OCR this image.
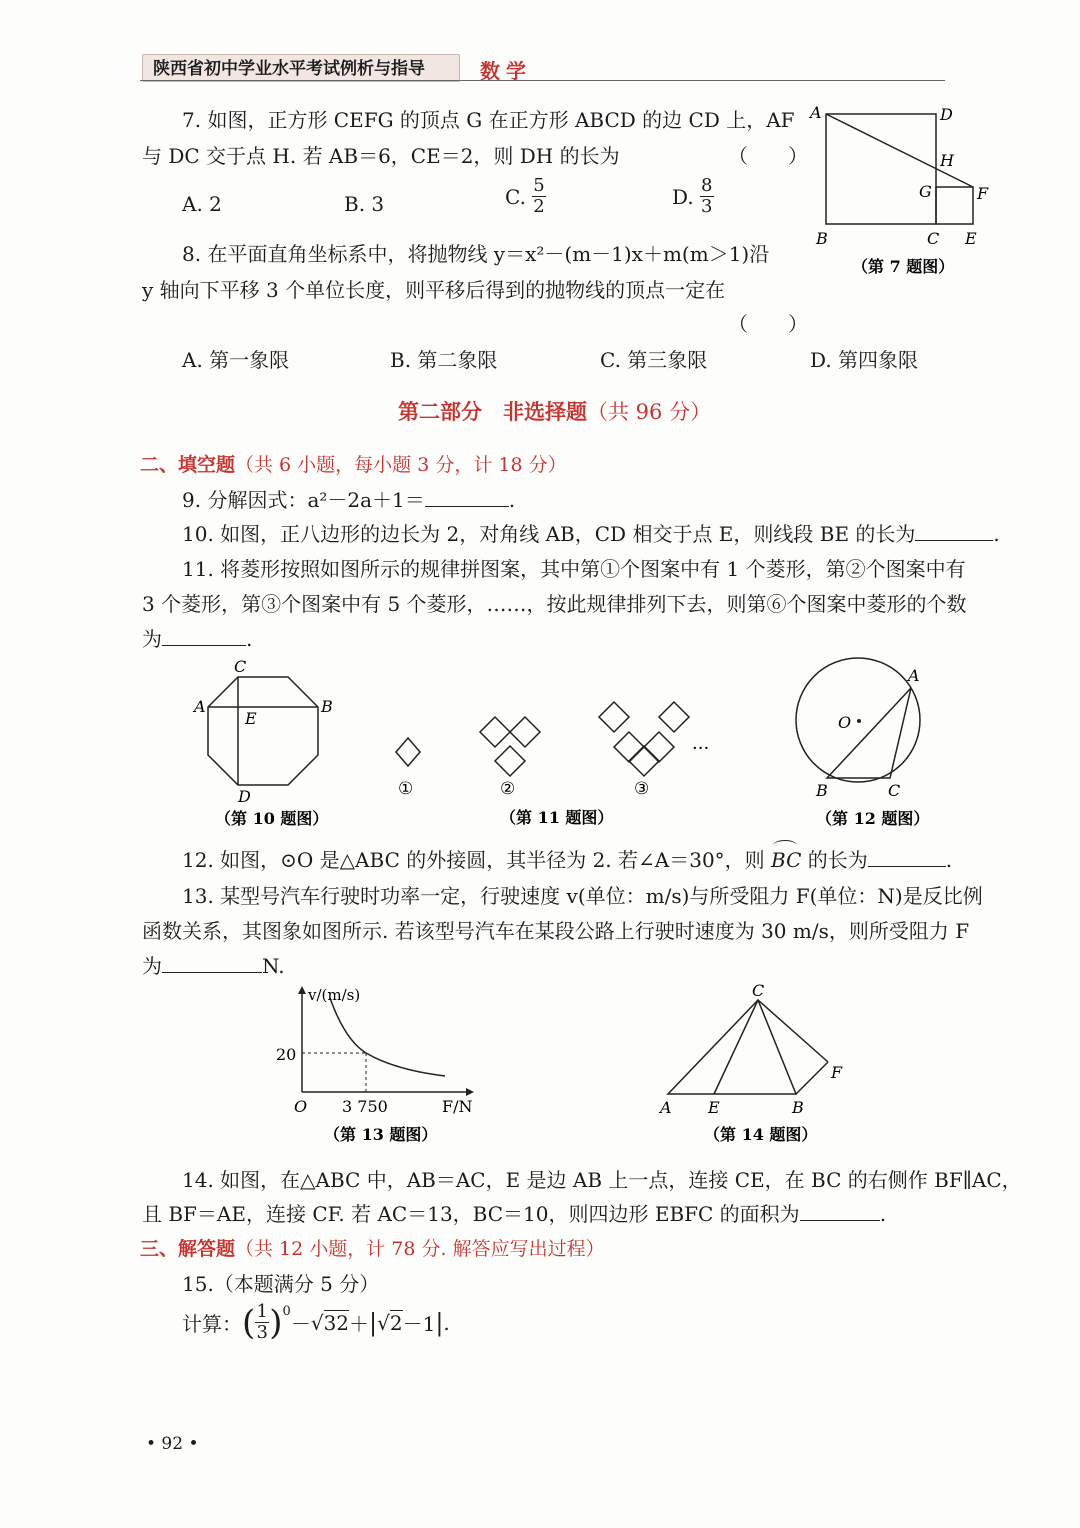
陕西省初中学业水平考试例析与指导	数学
7. 如图，正方形 CEFG 的顶点 G 在正方形 ABCD 的边 CD 上，AF
与 DC 交于点 H. 若 AB＝6，CE＝2，则 DH 的长为	（　　）
A. 2	B. 3	C. $\frac{5}{2}$	D. $\frac{8}{3}$
A	D
H
G	F
B	C E
（第 7 题图）
8. 在平面直角坐标系中，将抛物线 y＝x²－(m－1)x＋m(m＞1)沿
y 轴向下平移 3 个单位长度，则平移后得到的抛物线的顶点一定在
（　　）
A. 第一象限	B. 第二象限	C. 第三象限	D. 第四象限
第二部分　非选择题（共 96 分）
二、填空题（共 6 小题，每小题 3 分，计 18 分）
9. 分解因式：a²－2a＋1＝	.
10. 如图，正八边形的边长为 2，对角线 AB，CD 相交于点 E，则线段 BE 的长为	.
11. 将菱形按照如图所示的规律拼图案，其中第①个图案中有 1 个菱形，第②个图案中有
3 个菱形，第③个图案中有 5 个菱形，……，按此规律排列下去，则第⑥个图案中菱形的个数
为	.
C
A	B
E
D
（第 10 题图）
···
①	②	③
（第 11 题图）
O
A
B	C
（第 12 题图）
12. 如图，⊙O 是△ABC 的外接圆，其半径为 2. 若∠A＝30°，则 BC 的长为	.
13. 某型号汽车行驶时功率一定，行驶速度 v(单位：m/s)与所受阻力 F(单位：N)是反比例
函数关系，其图象如图所示. 若该型号汽车在某段公路上行驶时速度为 30 m/s，则所受阻力 F
为	N.
v/(m/s)
20
O 3 750	F/N
（第 13 题图）
C
F
A E	B
（第 14 题图）
14. 如图，在△ABC 中，AB＝AC，E 是边 AB 上一点，连接 CE，在 BC 的右侧作 BF∥AC，
且 BF＝AE，连接 CF. 若 AC＝13，BC＝10，则四边形 EBFC 的面积为	.
三、解答题（共 12 小题，计 78 分. 解答应写出过程）
15.（本题满分 5 分）
计算： ( $\frac{1}{3}$ ) 0
－ √ 32 ＋ | √ 2 －1 | .
• 92 •
